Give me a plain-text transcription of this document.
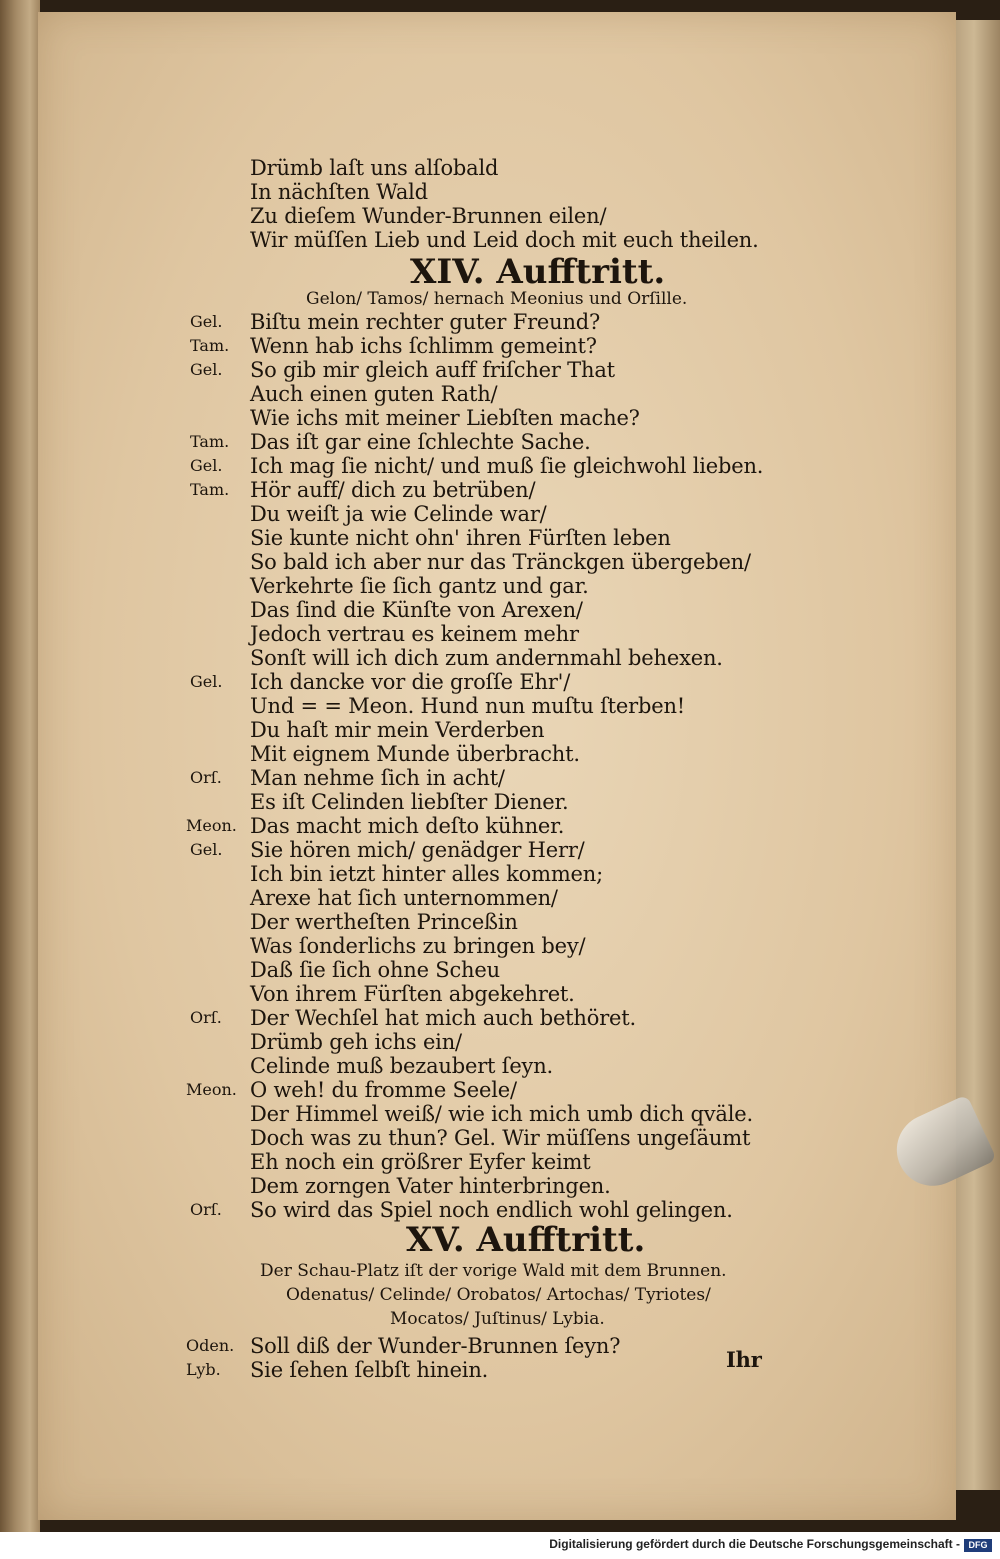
Drümb laſt uns alſobald
In nächſten Wald
Zu dieſem Wunder-Brunnen eilen/
Wir müſſen Lieb und Leid doch mit euch theilen.
XIV. Aufftritt.
Gelon/ Tamos/ hernach Meonius und Orſille.
Gel. Biſtu mein rechter guter Freund?
Tam. Wenn hab ichs ſchlimm gemeint?
Gel. So gib mir gleich auff friſcher That
Auch einen guten Rath/
Wie ichs mit meiner Liebſten mache?
Tam. Das iſt gar eine ſchlechte Sache.
Gel. Ich mag ſie nicht/ und muß ſie gleichwohl lieben.
Tam. Hör auff/ dich zu betrüben/
Du weiſt ja wie Celinde war/
Sie kunte nicht ohn' ihren Fürſten leben
So bald ich aber nur das Tränckgen übergeben/
Verkehrte ſie ſich gantz und gar.
Das ſind die Künſte von Arexen/
Jedoch vertrau es keinem mehr
Sonſt will ich dich zum andernmahl behexen.
Gel. Ich dancke vor die groſſe Ehr'/
Und = = Meon. Hund nun muſtu ſterben!
Du haſt mir mein Verderben
Mit eignem Munde überbracht.
Orſ. Man nehme ſich in acht/
Es iſt Celinden liebſter Diener.
Meon. Das macht mich deſto kühner.
Gel. Sie hören mich/ genädger Herr/
Ich bin ietzt hinter alles kommen;
Arexe hat ſich unternommen/
Der wertheſten Princeßin
Was ſonderlichs zu bringen bey/
Daß ſie ſich ohne Scheu
Von ihrem Fürſten abgekehret.
Orſ. Der Wechſel hat mich auch bethöret.
Drümb geh ichs ein/
Celinde muß bezaubert ſeyn.
Meon. O weh! du fromme Seele/
Der Himmel weiß/ wie ich mich umb dich qväle.
Doch was zu thun? Gel. Wir müſſens ungeſäumt
Eh noch ein größrer Eyfer keimt
Dem zorngen Vater hinterbringen.
Orſ. So wird das Spiel noch endlich wohl gelingen.
XV. Aufftritt.
Der Schau-Platz iſt der vorige Wald mit dem Brunnen.
Odenatus/ Celinde/ Orobatos/ Artochas/ Tyriotes/
Mocatos/ Juſtinus/ Lybia.
Oden. Soll diß der Wunder-Brunnen ſeyn?
Lyb. Sie ſehen ſelbſt hinein.	Ihr
Digitalisierung gefördert durch die Deutsche Forschungsgemeinschaft - DFG
